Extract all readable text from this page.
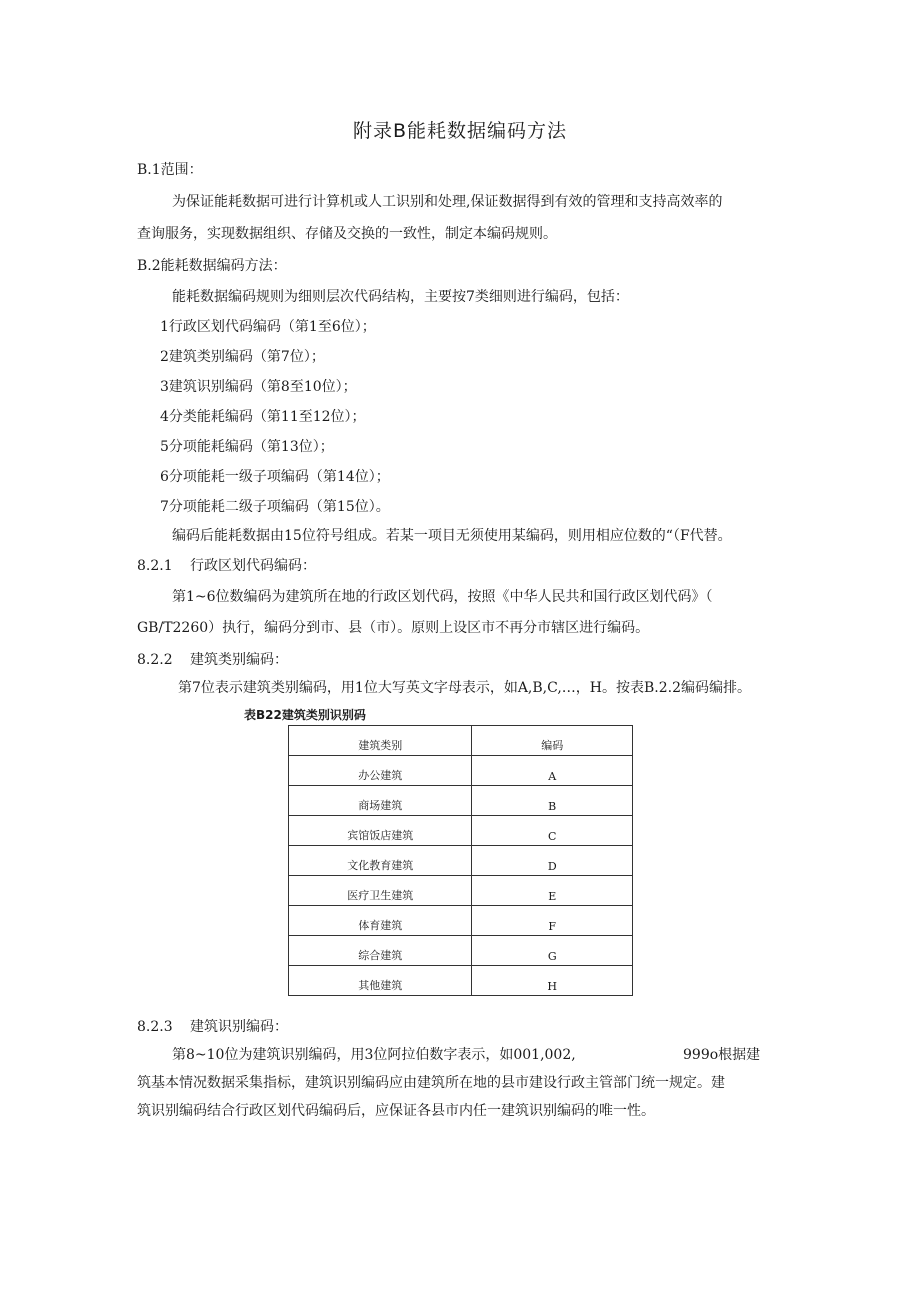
附录B能耗数据编码方法
B.1范围：
为保证能耗数据可进行计算机或人工识别和处理,保证数据得到有效的管理和支持高效率的
查询服务，实现数据组织、存储及交换的一致性，制定本编码规则。
B.2能耗数据编码方法：
能耗数据编码规则为细则层次代码结构，主要按7类细则进行编码，包括：
1行政区划代码编码（第1至6位）；
2建筑类别编码（第7位）；
3建筑识别编码（第8至10位）；
4分类能耗编码（第11至12位）；
5分项能耗编码（第13位）；
6分项能耗一级子项编码（第14位）；
7分项能耗二级子项编码（第15位）。
编码后能耗数据由15位符号组成。若某一项目无须使用某编码，则用相应位数的“（F代替。
8.2.1 行政区划代码编码：
第1~6位数编码为建筑所在地的行政区划代码，按照《中华人民共和国行政区划代码》（
GB/T2260）执行，编码分到市、县（市）。原则上设区市不再分市辖区进行编码。
8.2.2 建筑类别编码：
第7位表示建筑类别编码，用1位大写英文字母表示，如A,B,C,…，H。按表B.2.2编码编排。
表B22建筑类别识别码
建筑类别	编码
办公建筑	A
商场建筑	B
宾馆饭店建筑	C
文化教育建筑	D
医疗卫生建筑	E
体育建筑	F
综合建筑	G
其他建筑	H
8.2.3 建筑识别编码：
第8~10位为建筑识别编码，用3位阿拉伯数字表示，如001,002,	999o根据建
筑基本情况数据采集指标，建筑识别编码应由建筑所在地的县市建设行政主管部门统一规定。建
筑识别编码结合行政区划代码编码后，应保证各县市内任一建筑识别编码的唯一性。
